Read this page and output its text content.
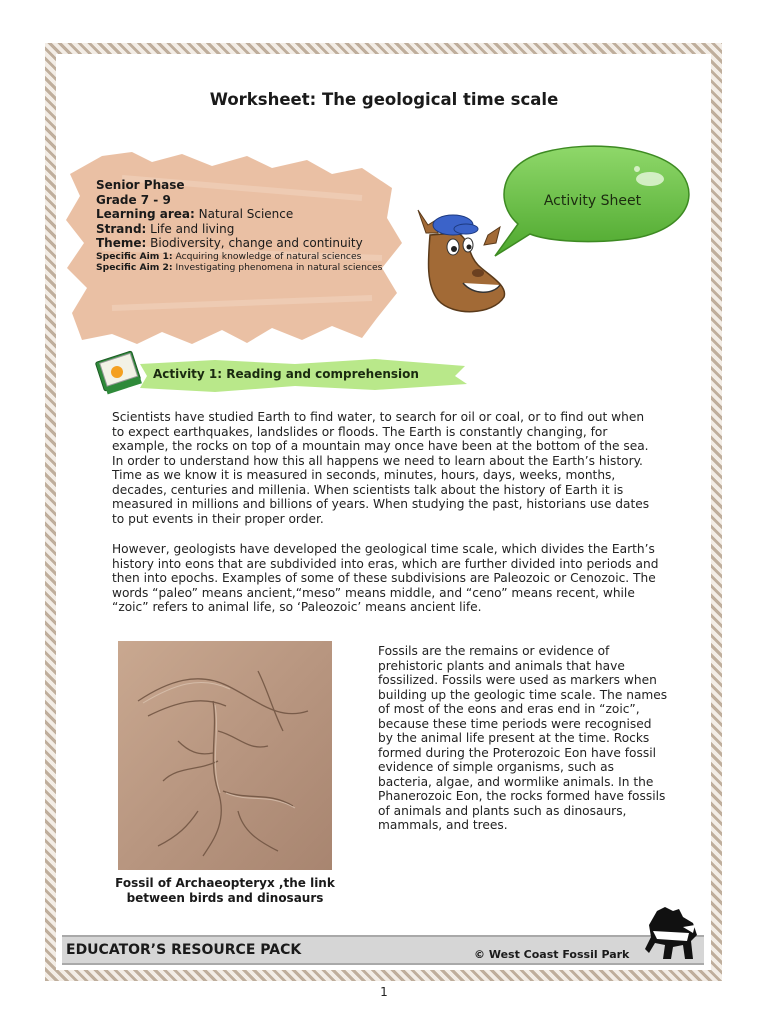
Worksheet: The geological time scale
Senior Phase
Grade 7 - 9
Learning area: Natural Science
Strand: Life and living
Theme: Biodiversity, change and continuity
Specific Aim 1: Acquiring knowledge of natural sciences
Specific Aim 2: Investigating phenomena in natural sciences
Activity Sheet
Activity 1: Reading and comprehension

Scientists have studied Earth to find water, to search for oil or coal, or to find out when to expect earthquakes, landslides or floods. The Earth is constantly changing, for example, the rocks on top of a mountain may once have been at the bottom of the sea. In order to understand how this all happens we need to learn about the Earth’s history. Time as we know it is measured in seconds, minutes, hours, days, weeks, months, decades, centuries and millenia. When scientists talk about the history of Earth it is measured in millions and billions of years. When studying the past, historians use dates to put events in their proper order.

However, geologists have developed the geological time scale, which divides the Earth’s history into eons that are subdivided into eras, which are further divided into periods and then into epochs. Examples of some of these subdivisions are Paleozoic or Cenozoic. The words “paleo” means ancient,“meso” means middle, and “ceno” means recent, while “zoic” refers to animal life, so ‘Paleozoic’ means ancient life.

Fossil of Archaeopteryx ,the link between birds and dinosaurs

Fossils are the remains or evidence of prehistoric plants and animals that have fossilized. Fossils were used as markers when building up the geologic time scale. The names of most of the eons and eras end in “zoic”, because these time periods were recognised by the animal life present at the time. Rocks formed during the Proterozoic Eon have fossil evidence of simple organisms, such as bacteria, algae, and wormlike animals. In the Phanerozoic Eon, the rocks formed have fossils of animals and plants such as dinosaurs, mammals, and trees.

EDUCATOR’S RESOURCE PACK	© West Coast Fossil Park
1
